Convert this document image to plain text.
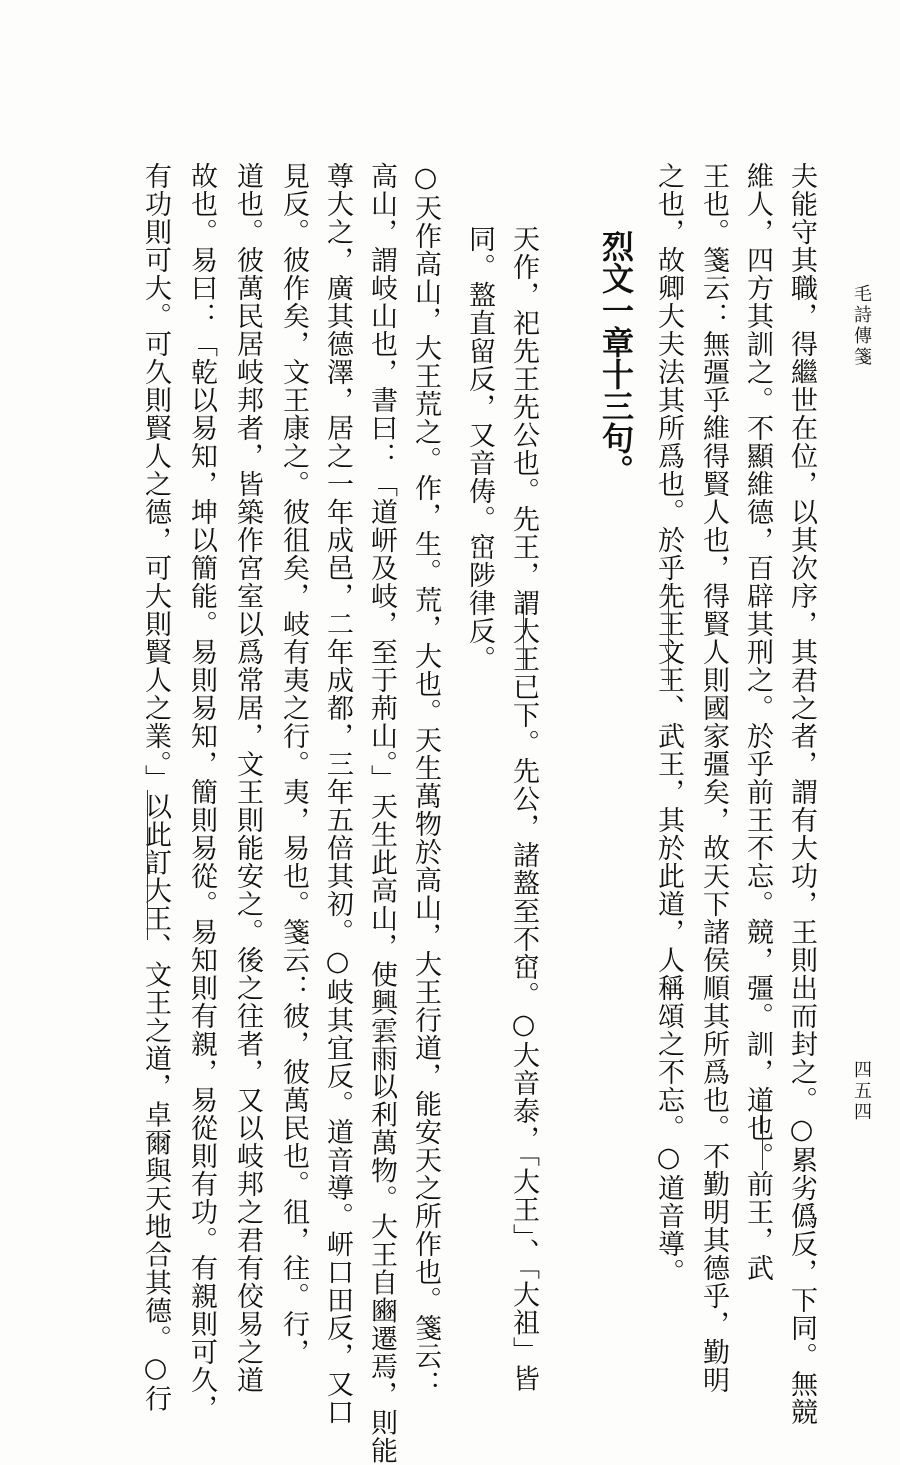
毛詩傳箋
四五四
夫能守其職，得繼世在位，以其次序，其君之者，謂有大功，王則出而封之。○累劣僞反，下同。無競
維人，四方其訓之。不顯維德，百辟其刑之。於乎前王不忘。競，彊。訓，道也。前王，武
王也。箋云：無彊乎維得賢人也，得賢人則國家彊矣，故天下諸侯順其所爲也。不勤明其德乎，勤明
之也，故卿大夫法其所爲也。於乎先王文王、武王，其於此道，人稱頌之不忘。○道音導。
烈文一章十三句。
天作，祀先王先公也。先王，謂大王已下。先公，諸盩至不窋。○大音泰，「大王」、「大祖」皆
同。盩直留反，又音俦。窋陟律反。
○天作高山，大王荒之。作，生。荒，大也。天生萬物於高山，大王行道，能安天之所作也。箋云：
高山，謂岐山也，書曰：「道岍及岐，至于荊山。」天生此高山，使興雲雨以利萬物。大王自豳遷焉，則能
尊大之，廣其德澤，居之一年成邑，二年成都，三年五倍其初。○岐其宜反。道音導。岍口田反，又口
見反。彼作矣，文王康之。彼徂矣，岐有夷之行。夷，易也。箋云：彼，彼萬民也。徂，往。行，
道也。彼萬民居岐邦者，皆築作宮室以爲常居，文王則能安之。後之往者，又以岐邦之君有佼易之道
故也。易曰：「乾以易知，坤以簡能。易則易知，簡則易從。易知則有親，易從則有功。有親則可久，
有功則可大。可久則賢人之德，可大則賢人之業。」以此訂大王、文王之道，卓爾與天地合其德。○行
